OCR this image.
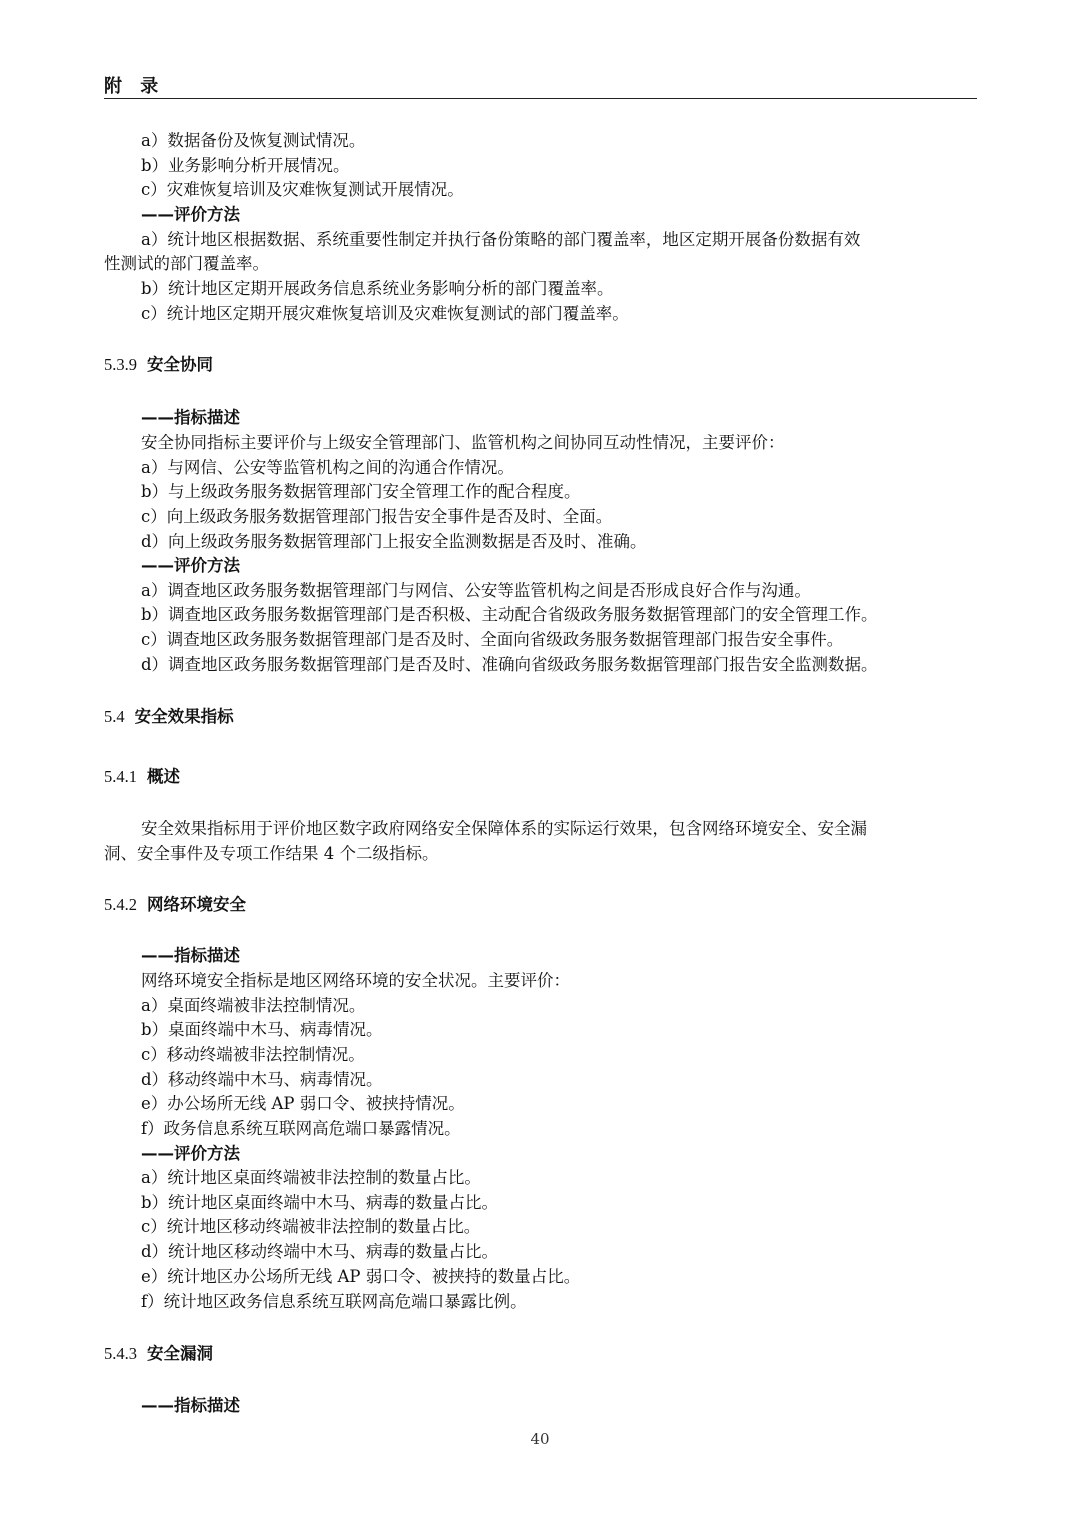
附 录
a）数据备份及恢复测试情况。
b）业务影响分析开展情况。
c）灾难恢复培训及灾难恢复测试开展情况。
——评价方法
a）统计地区根据数据、系统重要性制定并执行备份策略的部门覆盖率，地区定期开展备份数据有效
性测试的部门覆盖率。
b）统计地区定期开展政务信息系统业务影响分析的部门覆盖率。
c）统计地区定期开展灾难恢复培训及灾难恢复测试的部门覆盖率。
5.3.9 安全协同
——指标描述
安全协同指标主要评价与上级安全管理部门、监管机构之间协同互动性情况，主要评价：
a）与网信、公安等监管机构之间的沟通合作情况。
b）与上级政务服务数据管理部门安全管理工作的配合程度。
c）向上级政务服务数据管理部门报告安全事件是否及时、全面。
d）向上级政务服务数据管理部门上报安全监测数据是否及时、准确。
——评价方法
a）调查地区政务服务数据管理部门与网信、公安等监管机构之间是否形成良好合作与沟通。
b）调查地区政务服务数据管理部门是否积极、主动配合省级政务服务数据管理部门的安全管理工作。
c）调查地区政务服务数据管理部门是否及时、全面向省级政务服务数据管理部门报告安全事件。
d）调查地区政务服务数据管理部门是否及时、准确向省级政务服务数据管理部门报告安全监测数据。
5.4 安全效果指标
5.4.1 概述
安全效果指标用于评价地区数字政府网络安全保障体系的实际运行效果，包含网络环境安全、安全漏
洞、安全事件及专项工作结果 4 个二级指标。
5.4.2 网络环境安全
——指标描述
网络环境安全指标是地区网络环境的安全状况。主要评价：
a）桌面终端被非法控制情况。
b）桌面终端中木马、病毒情况。
c）移动终端被非法控制情况。
d）移动终端中木马、病毒情况。
e）办公场所无线 AP 弱口令、被挟持情况。
f）政务信息系统互联网高危端口暴露情况。
——评价方法
a）统计地区桌面终端被非法控制的数量占比。
b）统计地区桌面终端中木马、病毒的数量占比。
c）统计地区移动终端被非法控制的数量占比。
d）统计地区移动终端中木马、病毒的数量占比。
e）统计地区办公场所无线 AP 弱口令、被挟持的数量占比。
f）统计地区政务信息系统互联网高危端口暴露比例。
5.4.3 安全漏洞
——指标描述
40
